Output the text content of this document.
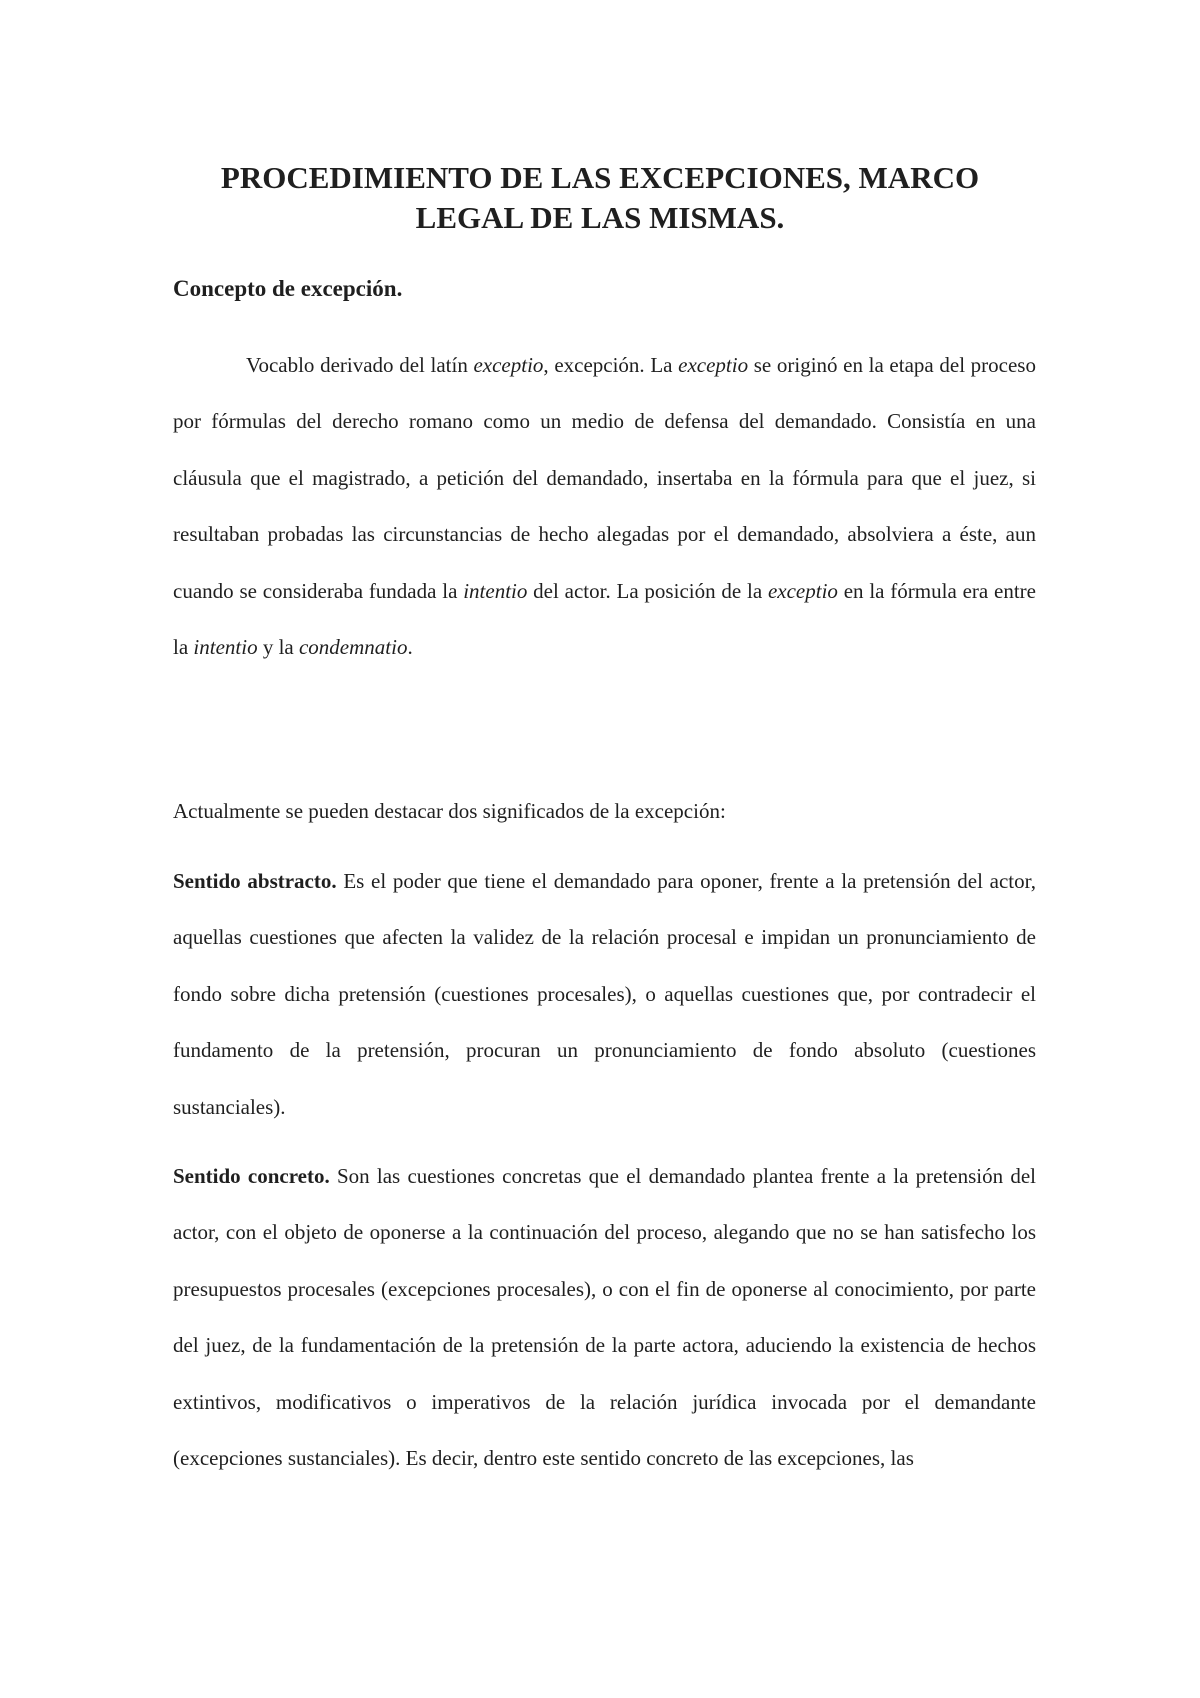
PROCEDIMIENTO DE LAS EXCEPCIONES, MARCO
LEGAL DE LAS MISMAS.
Concepto de excepción.

Vocablo derivado del latín exceptio, excepción. La exceptio se originó en la etapa del proceso por fórmulas del derecho romano como un medio de defensa del demandado. Consistía en una cláusula que el magistrado, a petición del demandado, insertaba en la fórmula para que el juez, si resultaban probadas las circunstancias de hecho alegadas por el demandado, absolviera a éste, aun cuando se consideraba fundada la intentio del actor. La posición de la exceptio en la fórmula era entre la intentio y la condemnatio.

Actualmente se pueden destacar dos significados de la excepción:

Sentido abstracto. Es el poder que tiene el demandado para oponer, frente a la pretensión del actor, aquellas cuestiones que afecten la validez de la relación procesal e impidan un pronunciamiento de fondo sobre dicha pretensión (cuestiones procesales), o aquellas cuestiones que, por contradecir el fundamento de la pretensión, procuran un pronunciamiento de fondo absoluto (cuestiones sustanciales).

Sentido concreto. Son las cuestiones concretas que el demandado plantea frente a la pretensión del actor, con el objeto de oponerse a la continuación del proceso, alegando que no se han satisfecho los presupuestos procesales (excepciones procesales), o con el fin de oponerse al conocimiento, por parte del juez, de la fundamentación de la pretensión de la parte actora, aduciendo la existencia de hechos extintivos, modificativos o imperativos de la relación jurídica invocada por el demandante (excepciones sustanciales). Es decir, dentro este sentido concreto de las excepciones, las
